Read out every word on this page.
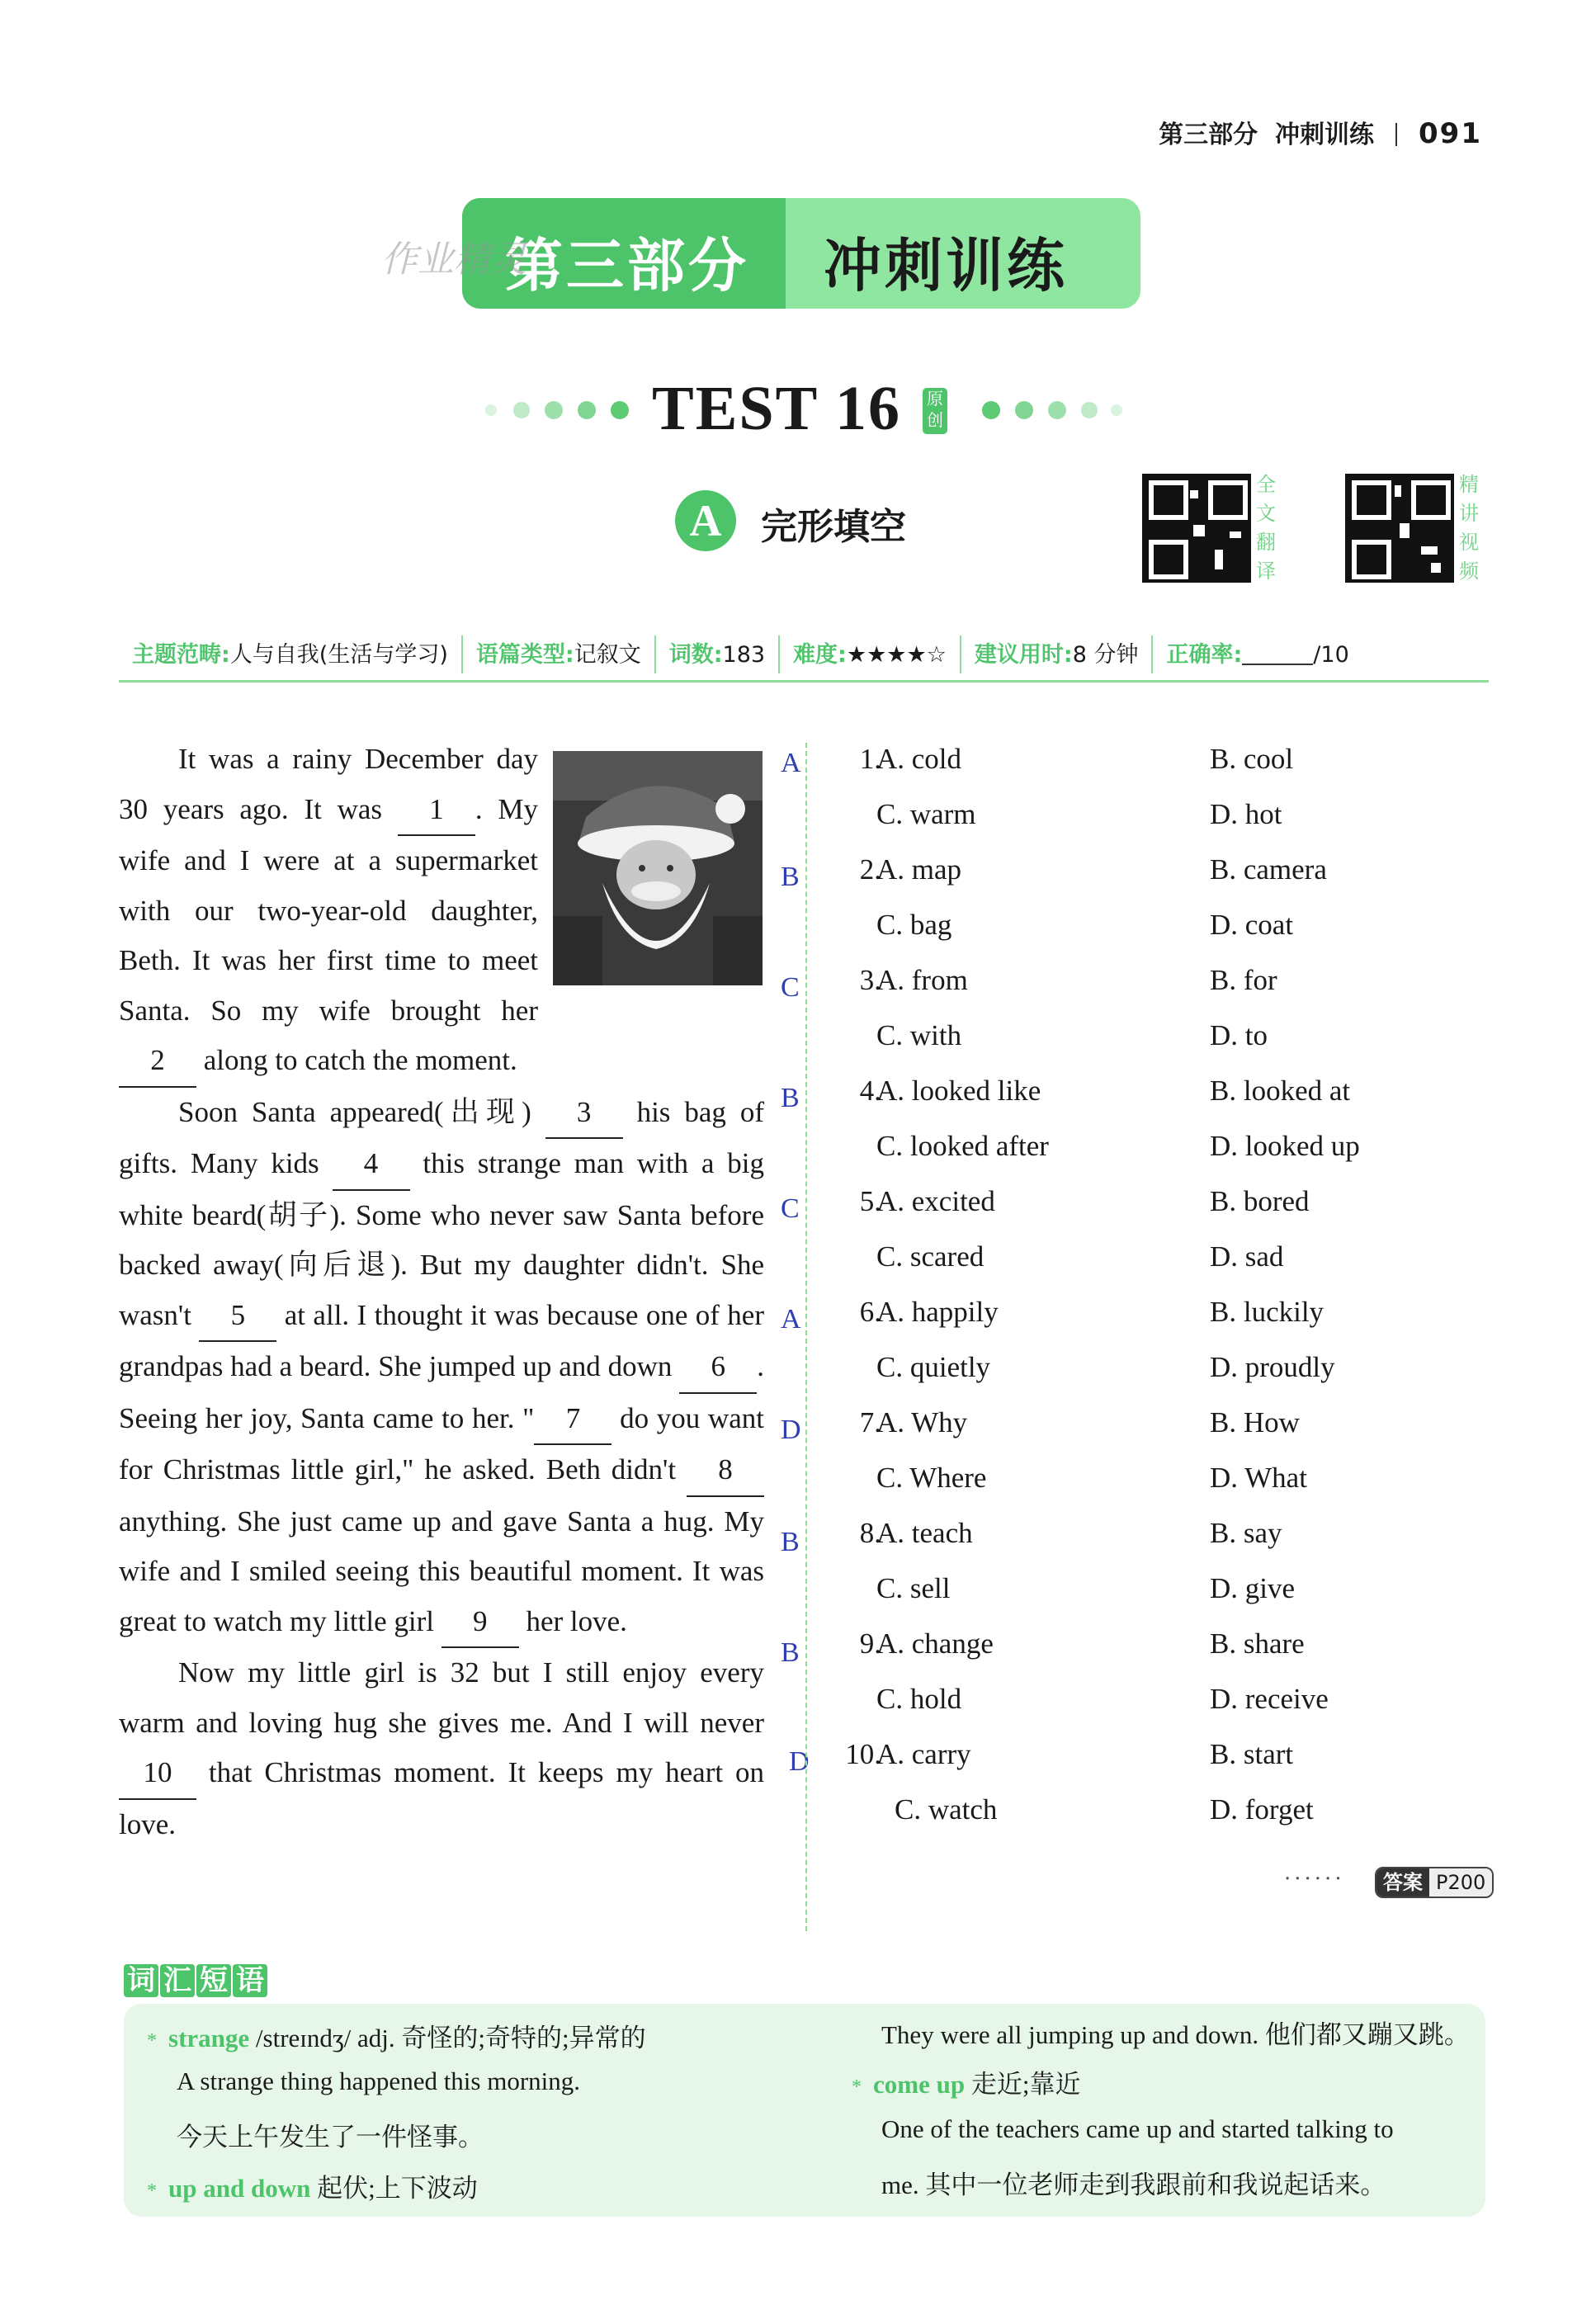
第三部分 冲刺训练 091
第三部分 冲刺训练
作业精灵
TEST 16 原创
A	完形填空
全文翻译
精讲视频
主题范畴:人与自我(生活与学习) 语篇类型:记叙文 词数:183 难度:★★★★☆ 建议用时:8 分钟 正确率:	/10

It was a rainy December day 30 years ago. It was 1 . My wife and I were at a supermarket with our two-year-old daughter, Beth. It was her first time to meet Santa. So my wife brought her 2 along to catch the moment.

Soon Santa appeared(出现) 3 his bag of gifts. Many kids 4 this strange man with a big white beard(胡子). Some who never saw Santa before backed away(向后退). But my daughter didn't. She wasn't 5 at all. I thought it was because one of her grandpas had a beard. She jumped up and down 6 . Seeing her joy, Santa came to her. " 7 do you want for Christmas little girl," he asked. Beth didn't 8 anything. She just came up and gave Santa a hug. My wife and I smiled seeing this beautiful moment. It was great to watch my little girl 9 her love.

Now my little girl is 32 but I still enjoy every warm and loving hug she gives me. And I will never 10 that Christmas moment. It keeps my heart on love.

A
B
C
B
C
A
D
B
B
D
1.
A. cold	B. cool
C. warm	D. hot
2.
A. map	B. camera
C. bag	D. coat
3.
A. from	B. for
C. with	D. to
4.
A. looked like	B. looked at
C. looked after	D. looked up
5.
A. excited	B. bored
C. scared	D. sad
6.
A. happily	B. luckily
C. quietly	D. proudly
7.
A. Why	B. How
C. Where	D. What
8.
A. teach	B. say
C. sell	D. give
9.
A. change	B. share
C. hold	D. receive
10.
A. carry	B. start
C. watch	D. forget
······	答案 P200
词 汇 短 语
* strange /streɪndʒ/ adj. 奇怪的;奇特的;异常的
A strange thing happened this morning.
今天上午发生了一件怪事。
* up and down 起伏;上下波动
They were all jumping up and down. 他们都又蹦又跳。
* come up 走近;靠近
One of the teachers came up and started talking to
me. 其中一位老师走到我跟前和我说起话来。
